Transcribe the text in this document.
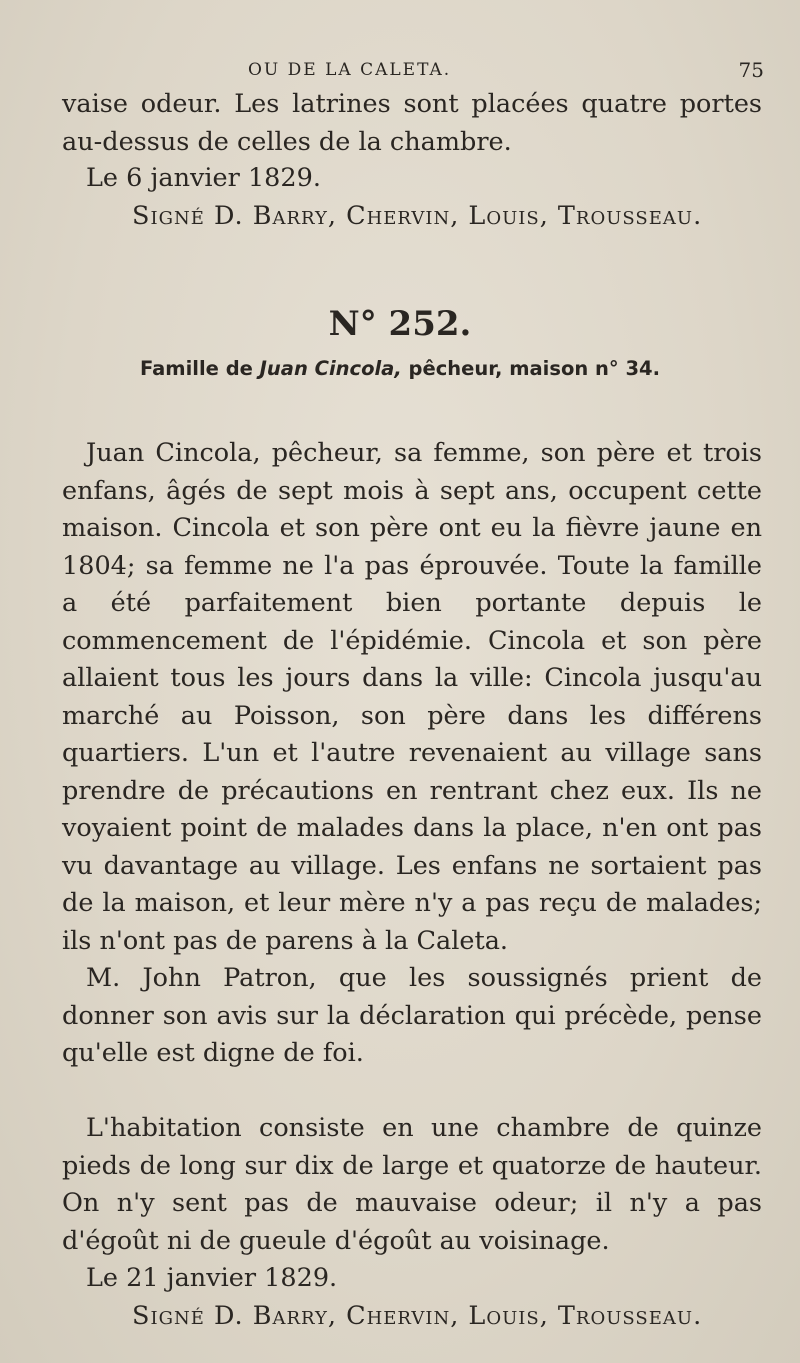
OU DE LA CALETA.	75

vaise odeur. Les latrines sont placées quatre portes au-dessus de celles de la chambre.

Le 6 janvier 1829.

Signé D. Barry, Chervin, Louis, Trousseau.

N° 252.
Famille de Juan Cincola, pêcheur, maison n° 34.

Juan Cincola, pêcheur, sa femme, son père et trois enfans, âgés de sept mois à sept ans, occupent cette maison. Cincola et son père ont eu la fièvre jaune en 1804; sa femme ne l'a pas éprouvée. Toute la famille a été parfaitement bien portante depuis le commencement de l'épidémie. Cincola et son père allaient tous les jours dans la ville: Cincola jusqu'au marché au Poisson, son père dans les différens quartiers. L'un et l'autre revenaient au village sans prendre de précautions en rentrant chez eux. Ils ne voyaient point de malades dans la place, n'en ont pas vu davantage au village. Les enfans ne sortaient pas de la maison, et leur mère n'y a pas reçu de malades; ils n'ont pas de parens à la Caleta.

M. John Patron, que les soussignés prient de donner son avis sur la déclaration qui précède, pense qu'elle est digne de foi.

L'habitation consiste en une chambre de quinze pieds de long sur dix de large et quatorze de hauteur. On n'y sent pas de mauvaise odeur; il n'y a pas d'égoût ni de gueule d'égoût au voisinage.

Le 21 janvier 1829.

Signé D. Barry, Chervin, Louis, Trousseau.
